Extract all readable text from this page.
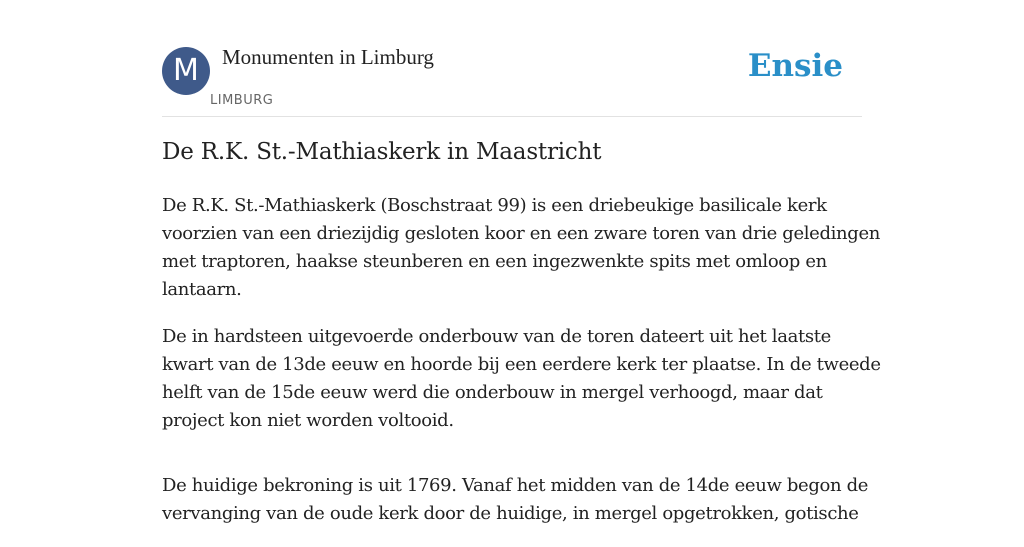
M	Monumenten in Limburg
LIMBURG
Ensie
De R.K. St.-Mathiaskerk in Maastricht

De R.K. St.-Mathiaskerk (Boschstraat 99) is een driebeukige basilicale kerk voorzien van een driezijdig gesloten koor en een zware toren van drie geledingen met traptoren, haakse steunberen en een ingezwenkte spits met omloop en lantaarn.

De in hardsteen uitgevoerde onderbouw van de toren dateert uit het laatste kwart van de 13de eeuw en hoorde bij een eerdere kerk ter plaatse. In de tweede helft van de 15de eeuw werd die onderbouw in mergel verhoogd, maar dat project kon niet worden voltooid.

De huidige bekroning is uit 1769. Vanaf het midden van de 14de eeuw begon de vervanging van de oude kerk door de huidige, in mergel opgetrokken, gotische
